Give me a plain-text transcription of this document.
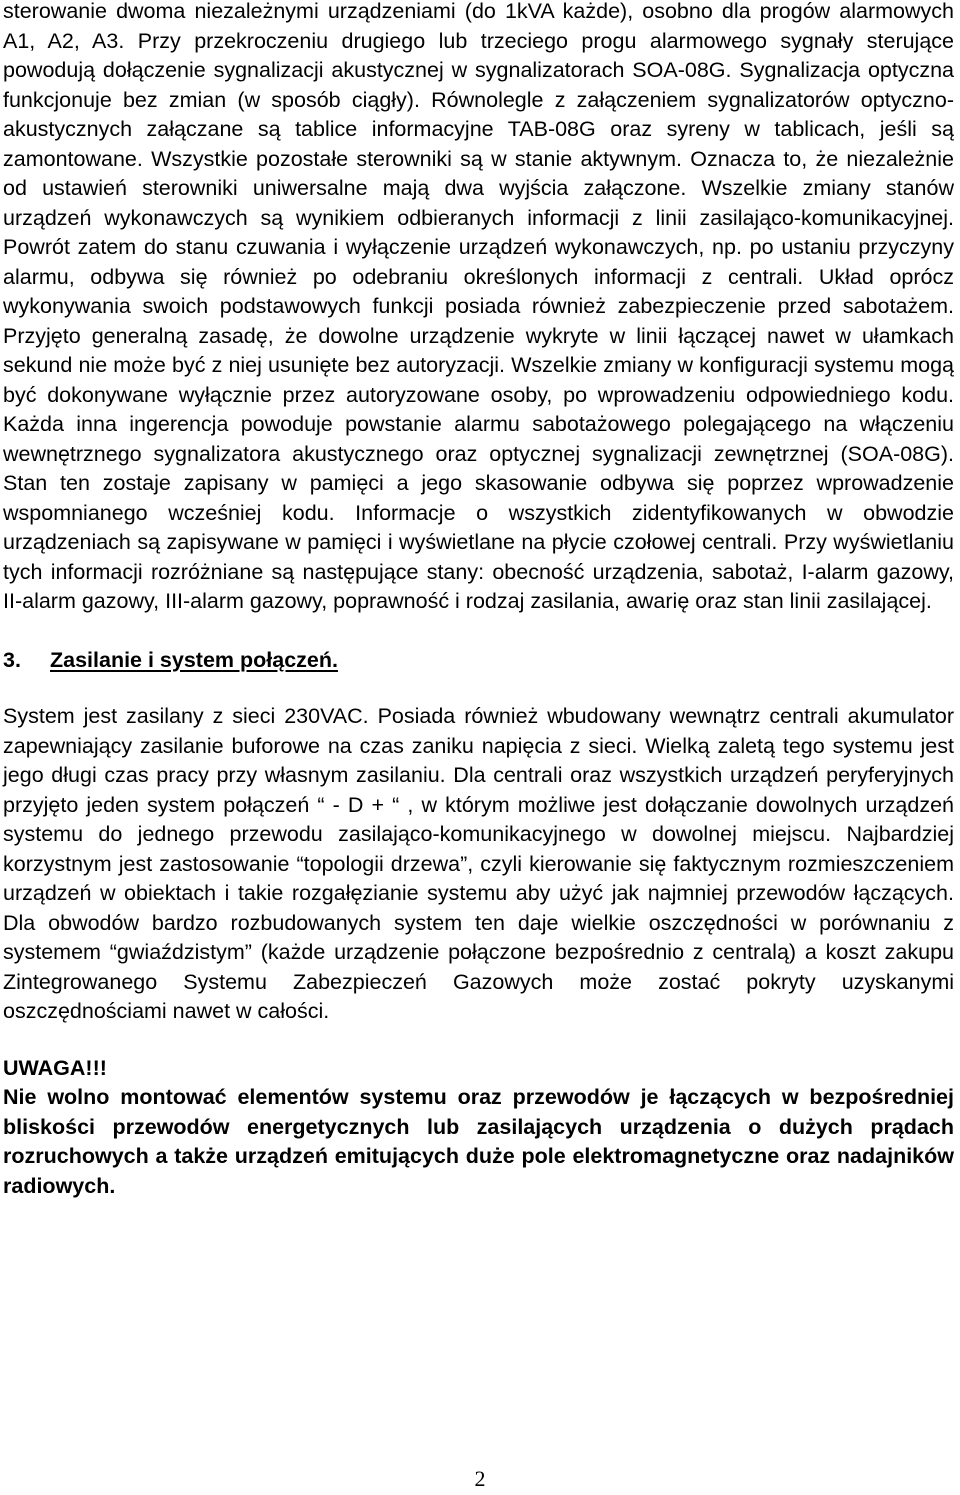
sterowanie dwoma niezależnymi urządzeniami (do 1kVA każde), osobno dla progów alarmowych A1, A2, A3. Przy przekroczeniu drugiego lub trzeciego progu alarmowego sygnały sterujące powodują dołączenie sygnalizacji akustycznej w sygnalizatorach SOA-08G. Sygnalizacja optyczna funkcjonuje bez zmian (w sposób ciągły). Równolegle z załączeniem sygnalizatorów optyczno-akustycznych załączane są tablice informacyjne TAB-08G oraz syreny w tablicach, jeśli są zamontowane. Wszystkie pozostałe sterowniki są w stanie aktywnym. Oznacza to, że niezależnie od ustawień sterowniki uniwersalne mają dwa wyjścia załączone. Wszelkie zmiany stanów urządzeń wykonawczych są wynikiem odbieranych informacji z linii zasilająco-komunikacyjnej. Powrót zatem do stanu czuwania i wyłączenie urządzeń wykonawczych, np. po ustaniu przyczyny alarmu, odbywa się również po odebraniu określonych informacji z centrali. Układ oprócz wykonywania swoich podstawowych funkcji posiada również zabezpieczenie przed sabotażem. Przyjęto generalną zasadę, że dowolne urządzenie wykryte w linii łączącej nawet w ułamkach sekund nie może być z niej usunięte bez autoryzacji. Wszelkie zmiany w konfiguracji systemu mogą być dokonywane wyłącznie przez autoryzowane osoby, po wprowadzeniu odpowiedniego kodu. Każda inna ingerencja powoduje powstanie alarmu sabotażowego polegającego na włączeniu wewnętrznego sygnalizatora akustycznego oraz optycznej sygnalizacji zewnętrznej (SOA-08G). Stan ten zostaje zapisany w pamięci a jego skasowanie odbywa się poprzez wprowadzenie wspomnianego wcześniej kodu. Informacje o wszystkich zidentyfikowanych w obwodzie urządzeniach są zapisywane w pamięci i wyświetlane na płycie czołowej centrali. Przy wyświetlaniu tych informacji rozróżniane są następujące stany: obecność urządzenia, sabotaż, I-alarm gazowy, II-alarm gazowy, III-alarm gazowy, poprawność i rodzaj zasilania, awarię oraz stan linii zasilającej.

3. Zasilanie i system połączeń.

System jest zasilany z sieci 230VAC. Posiada również wbudowany wewnątrz centrali akumulator zapewniający zasilanie buforowe na czas zaniku napięcia z sieci. Wielką zaletą tego systemu jest jego długi czas pracy przy własnym zasilaniu. Dla centrali oraz wszystkich urządzeń peryferyjnych przyjęto jeden system połączeń “ - D + “ , w którym możliwe jest dołączanie dowolnych urządzeń systemu do jednego przewodu zasilająco-komunikacyjnego w dowolnej miejscu. Najbardziej korzystnym jest zastosowanie “topologii drzewa”, czyli kierowanie się faktycznym rozmieszczeniem urządzeń w obiektach i takie rozgałęzianie systemu aby użyć jak najmniej przewodów łączących. Dla obwodów bardzo rozbudowanych system ten daje wielkie oszczędności w porównaniu z systemem “gwiaździstym” (każde urządzenie połączone bezpośrednio z centralą) a koszt zakupu Zintegrowanego Systemu Zabezpieczeń Gazowych może zostać pokryty uzyskanymi oszczędnościami nawet w całości.

UWAGA!!!

Nie wolno montować elementów systemu oraz przewodów je łączących w bezpośredniej bliskości przewodów energetycznych lub zasilających urządzenia o dużych prądach rozruchowych a także urządzeń emitujących duże pole elektromagnetyczne oraz nadajników radiowych.

2
